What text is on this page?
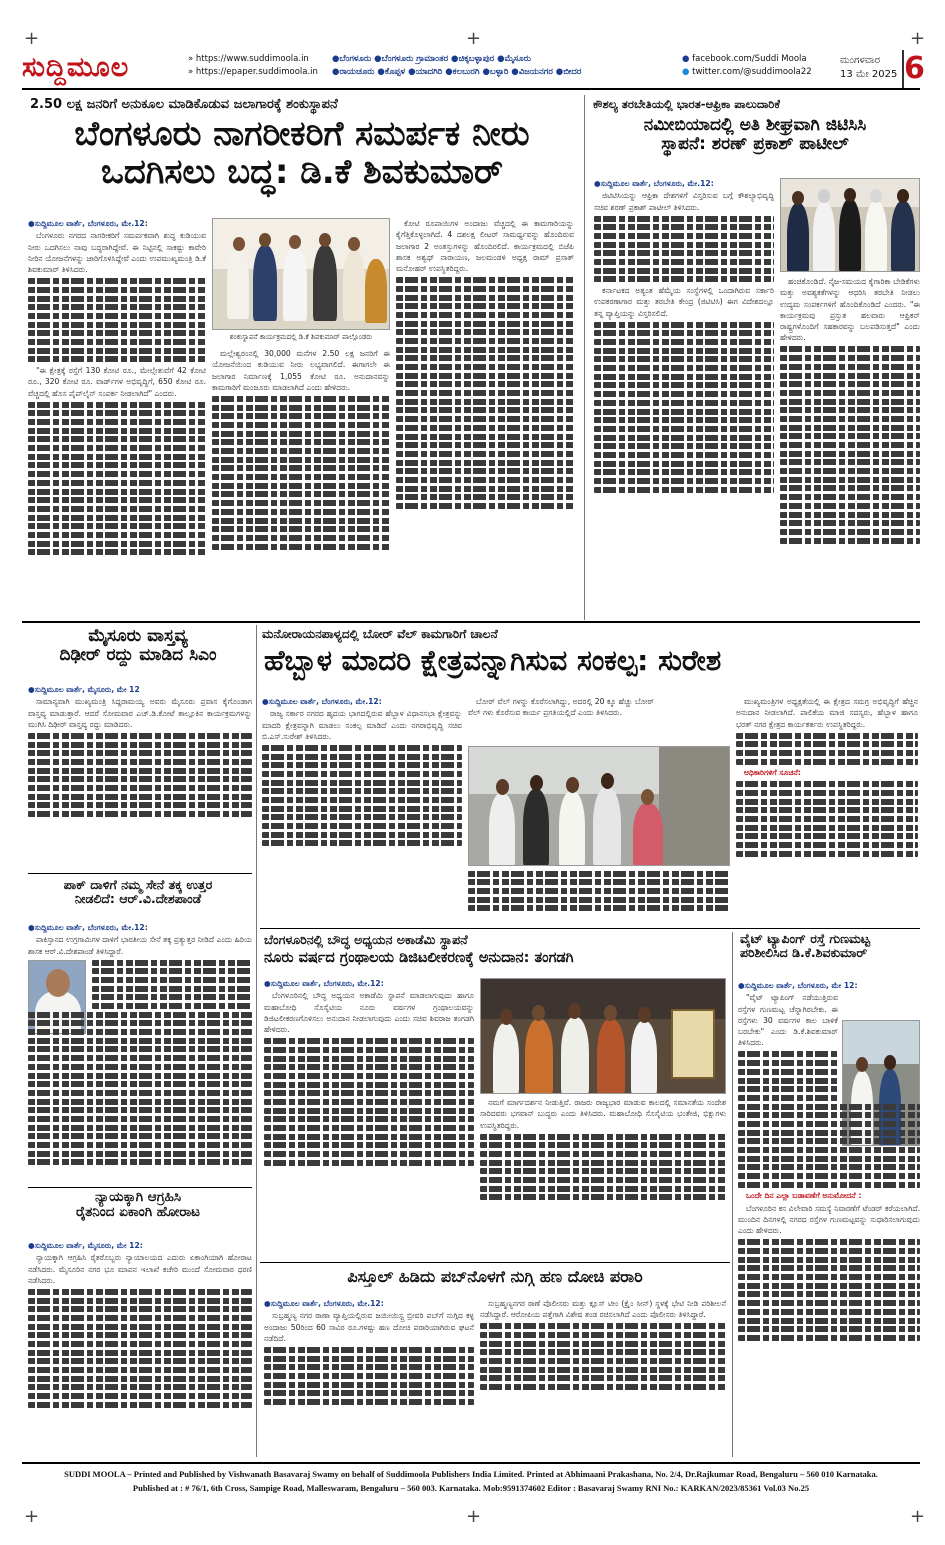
+	+	+
+	+	+
ಸುದ್ದಿಮೂಲ	» https://www.suddimoola.in
» https://epaper.suddimoola.in
●ಬೆಂಗಳೂರು ●ಬೆಂಗಳೂರು ಗ್ರಾಮಾಂತರ ●ಚಿಕ್ಕಬಳ್ಳಾಪುರ ●ಮೈಸೂರು
●ರಾಯಚೂರು ●ಕೊಪ್ಪಳ ●ಯಾದಗಿರಿ ●ಕಲಬುರಗಿ ●ಬಳ್ಳಾರಿ ●ವಿಜಯನಗರ ●ಬೀದರ
● facebook.com/Suddi Moola
● twitter.com/@suddimoola22
ಮಂಗಳವಾರ
13 ಮೇ 2025 6
2.50 ಲಕ್ಷ ಜನರಿಗೆ ಅನುಕೂಲ ಮಾಡಿಕೊಡುವ ಜಲಾಗಾರಕ್ಕೆ ಶಂಕುಸ್ಥಾಪನೆ
ಬೆಂಗಳೂರು ನಾಗರೀಕರಿಗೆ ಸಮರ್ಪಕ ನೀರು
ಒದಗಿಸಲು ಬದ್ಧ: ಡಿ.ಕೆ ಶಿವಕುಮಾರ್

●ಸುದ್ದಿಮೂಲ ವಾರ್ತೆ, ಬೆಂಗಳೂರು, ಮೇ.12:

ಬೆಂಗಳೂರು ನಗರದ ನಾಗರೀಕರಿಗೆ ಸಮರ್ಪಕವಾಗಿ ಶುದ್ಧ ಕುಡಿಯುವ ನೀರು ಒದಗಿಸಲು ನಾವು ಬದ್ಧರಾಗಿದ್ದೇವೆ. ಈ ನಿಟ್ಟಿನಲ್ಲಿ ಸಾಕಷ್ಟು ಕಾವೇರಿ ನೀರಿನ ಯೋಜನೆಗಳನ್ನು ಜಾರಿಗೊಳಿಸಿದ್ದೇವೆ ಎಂದು ಉಪಮುಖ್ಯಮಂತ್ರಿ ಡಿ.ಕೆ ಶಿವಕುಮಾರ್ ತಿಳಿಸಿದರು.

"ಈ ಕ್ಷೇತ್ರಕ್ಕೆ ರಸ್ತೆಗೆ 130 ಕೋಟಿ ರೂ., ಮೇಲ್ಸೇತುವೆಗೆ 42 ಕೋಟಿ ರೂ., 320 ಕೋಟಿ ರೂ. ವಾರ್ಡ್‌ಗಳ ಅಭಿವೃದ್ಧಿಗೆ, 650 ಕೋಟಿ ರೂ. ವೆಚ್ಚದಲ್ಲಿ ಹೊಸ ಪೈಪ್‌ಲೈನ್ ಸಂಪರ್ಕ ನೀಡಲಾಗಿದೆ" ಎಂದರು.

ಶಂಕುಸ್ಥಾಪನೆ ಕಾರ್ಯಕ್ರಮದಲ್ಲಿ ಡಿ.ಕೆ ಶಿವಕುಮಾರ್ ಪಾಲ್ಗೊಂಡರು

ಮಲ್ಲೇಶ್ವರಂನಲ್ಲಿ 30,000 ಮನೆಗಳ 2.50 ಲಕ್ಷ ಜನರಿಗೆ ಈ ಯೋಜನೆಯಿಂದ ಕುಡಿಯುವ ನೀರು ಲಭ್ಯವಾಗಲಿದೆ. ಈಗಾಗಲೇ ಈ ಜಲಾಗಾರ ನಿರ್ಮಾಣಕ್ಕೆ 1,055 ಕೋಟಿ ರೂ. ಅನುದಾನವನ್ನು ಕಾಮಗಾರಿಗೆ ಮಂಜೂರು ಮಾಡಲಾಗಿದೆ ಎಂದು ಹೇಳಿದರು.

ಕೋಟಿ ರೂಪಾಯಿಗಳ ಅಂದಾಜು ವೆಚ್ಚದಲ್ಲಿ ಈ ಕಾಮಗಾರಿಯನ್ನು ಕೈಗೆತ್ತಿಕೊಳ್ಳಲಾಗಿದೆ. 4 ದಶಲಕ್ಷ ಲೀಟರ್ ಸಾಮರ್ಥ್ಯವನ್ನು ಹೊಂದಿರುವ ಜಲಾಗಾರ 2 ಅಂತಸ್ತುಗಳನ್ನು ಹೊಂದಿರಲಿದೆ. ಕಾರ್ಯಕ್ರಮದಲ್ಲಿ ಬಿಜೆಪಿ ಶಾಸಕ ಅಶ್ವಥ್ ನಾರಾಯಣ, ಜಲಮಂಡಳಿ ಅಧ್ಯಕ್ಷ ರಾಮ್ ಪ್ರಸಾತ್ ಮನೋಹರ್ ಉಪಸ್ಥಿತರಿದ್ದರು.

ಕೌಶಲ್ಯ ತರಬೇತಿಯಲ್ಲಿ ಭಾರತ-ಆಫ್ರಿಕಾ ಪಾಲುದಾರಿಕೆ
ನಮೀಬಿಯಾದಲ್ಲಿ ಅತಿ ಶೀಘ್ರವಾಗಿ ಜಿಟಿಸಿಸಿ
ಸ್ಥಾಪನೆ: ಶರಣ್ ಪ್ರಕಾಶ್ ಪಾಟೀಲ್

●ಸುದ್ದಿಮೂಲ ವಾರ್ತೆ, ಬೆಂಗಳೂರು, ಮೇ.12:

ಜಿಟಿಟಿಸಿಯನ್ನು ಆಫ್ರಿಕಾ ದೇಶಗಳಿಗೆ ವಿಸ್ತರಿಸುವ ಬಗ್ಗೆ ಕೌಶಲ್ಯಾಭಿವೃದ್ಧಿ ಸಚಿವ ಶರಣ್ ಪ್ರಕಾಶ್ ಪಾಟೀಲ್ ತಿಳಿಸಿದರು.

ಕರ್ನಾಟಕದ ಅತ್ಯಂತ ಹೆಮ್ಮೆಯ ಸಂಸ್ಥೆಗಳಲ್ಲಿ ಒಂದಾಗಿರುವ ಸರ್ಕಾರಿ ಉಪಕರಣಾಗಾರ ಮತ್ತು ತರಬೇತಿ ಕೇಂದ್ರ (ಜಿಟಿಟಿಸಿ) ಈಗ ವಿದೇಶದಲ್ಲೂ ತನ್ನ ವ್ಯಾಪ್ತಿಯನ್ನು ವಿಸ್ತರಿಸಲಿದೆ.

ಹಂಚಿಕೊಂಡಿದೆ. ನೈಜ-ಸಮಯದ ಕೈಗಾರಿಕಾ ಬೇಡಿಕೆಗಳು ಮತ್ತು ಅವಶ್ಯಕತೆಗಳನ್ನು ಆಧರಿಸಿ ತರಬೇತಿ ನೀಡಲು ಉದ್ಯಮ ಸಂಪರ್ಕಗಳಿಗೆ ಹೊಂದಿಕೊಂಡಿದೆ ಎಂದರು. "ಈ ಕಾರ್ಯಕ್ರಮವು ಪ್ರಸ್ತುತ ಹಲವಾರು ಆಫ್ರಿಕನ್ ರಾಷ್ಟ್ರಗಳೊಂದಿಗೆ ಸಹಕಾರವನ್ನು ಬಲಪಡಿಸುತ್ತದೆ" ಎಂದು ಹೇಳಿದರು.

ಮೈಸೂರು ವಾಸ್ತವ್ಯ
ದಿಢೀರ್ ರದ್ದು ಮಾಡಿದ ಸಿಎಂ

●ಸುದ್ದಿಮೂಲ ವಾರ್ತೆ, ಮೈಸೂರು, ಮೇ 12

ಸಾಮಾನ್ಯವಾಗಿ ಮುಖ್ಯಮಂತ್ರಿ ಸಿದ್ದರಾಮಯ್ಯ ಅವರು ಮೈಸೂರು ಪ್ರವಾಸ ಕೈಗೊಂಡಾಗ ವಾಸ್ತವ್ಯ ಮಾಡುತ್ತಾರೆ. ಆದರೆ ಸೋಮವಾರ ಎಚ್.ಡಿ.ಕೋಟೆ ತಾಲ್ಲೂಕಿನ ಕಾರ್ಯಕ್ರಮಗಳನ್ನು ಮುಗಿಸಿ ದಿಢೀರ್ ವಾಸ್ತವ್ಯ ರದ್ದು ಮಾಡಿದರು.

ಪಾಕ್ ದಾಳಿಗೆ ನಮ್ಮ ಸೇನೆ ತಕ್ಕ ಉತ್ತರ
ನೀಡಲಿದೆ: ಆರ್.ವಿ.ದೇಶಪಾಂಡೆ

●ಸುದ್ದಿಮೂಲ ವಾರ್ತೆ, ಬೆಂಗಳೂರು, ಮೇ.12:

ಪಾಕಿಸ್ತಾನದ ಉಗ್ರಗಾಮಿಗಳ ದಾಳಿಗೆ ಭಾರತೀಯ ಸೇನೆ ತಕ್ಕ ಪ್ರತ್ಯುತ್ತರ ನೀಡಿದೆ ಎಂದು ಹಿರಿಯ ಶಾಸಕ ಆರ್.ವಿ.ದೇಶಪಾಂಡೆ ತಿಳಿಸಿದ್ದಾರೆ.

ನ್ಯಾಯಕ್ಕಾಗಿ ಆಗ್ರಹಿಸಿ
ರೈತನಿಂದ ಏಕಾಂಗಿ ಹೋರಾಟ

●ಸುದ್ದಿಮೂಲ ವಾರ್ತೆ, ಮೈಸೂರು, ಮೇ 12:

ನ್ಯಾಯಕ್ಕಾಗಿ ಆಗ್ರಹಿಸಿ ರೈತರೊಬ್ಬರು ನ್ಯಾಯಾಲಯದ ಎದುರು ಏಕಾಂಗಿಯಾಗಿ ಹೋರಾಟ ನಡೆಸಿದರು. ಮೈಸೂರಿನ ನಗರ ಭೂ ಮಾಪನ ಇಲಾಖೆ ಕಚೇರಿ ಮುಂದೆ ಸೋಮವಾರ ಧರಣಿ ನಡೆಸಿದರು.

ಮನೋರಾಯನಪಾಳ್ಯದಲ್ಲಿ ಬೋರ್ ವೆಲ್ ಕಾಮಗಾರಿಗೆ ಚಾಲನೆ
ಹೆಬ್ಬಾಳ ಮಾದರಿ ಕ್ಷೇತ್ರವನ್ನಾಗಿಸುವ ಸಂಕಲ್ಪ: ಸುರೇಶ

●ಸುದ್ದಿಮೂಲ ವಾರ್ತೆ, ಬೆಂಗಳೂರು, ಮೇ.12:

ರಾಜ್ಯ ಸರ್ಕಾರ ನಗರದ ಹೃದಯ ಭಾಗದಲ್ಲಿರುವ ಹೆಬ್ಬಾಳ ವಿಧಾನಸಭಾ ಕ್ಷೇತ್ರವನ್ನು ಮಾದರಿ ಕ್ಷೇತ್ರವನ್ನಾಗಿ ಮಾಡಲು ಸಂಕಲ್ಪ ಮಾಡಿದೆ ಎಂದು ನಗರಾಭಿವೃದ್ಧಿ ಸಚಿವ ಬಿ.ಎಸ್.ಸುರೇಶ್ ತಿಳಿಸಿದರು.

ಬೋರ್ ವೆಲ್ ಗಳನ್ನು ಕೊರೆಸಲಾಗಿದ್ದು, ಅದರಲ್ಲಿ 20 ಕ್ಕೂ ಹೆಚ್ಚು ಬೋರ್ ವೆಲ್ ಗಳು ಕೊರೆಸುವ ಕಾರ್ಯ ಪ್ರಗತಿಯಲ್ಲಿದೆ ಎಂದು ತಿಳಿಸಿದರು.

ಮುಖ್ಯಮಂತ್ರಿಗಳ ಅಧ್ಯಕ್ಷತೆಯಲ್ಲಿ ಈ ಕ್ಷೇತ್ರದ ಸಮಗ್ರ ಅಭಿವೃದ್ಧಿಗೆ ಹೆಚ್ಚಿನ ಅನುದಾನ ನೀಡಲಾಗಿದೆ. ಪಾಲಿಕೆಯ ಮಾಜಿ ಸದಸ್ಯರು, ಹೆಬ್ಬಾಳ ಹಾಗೂ ಭರತ್ ನಗರ ಕ್ಷೇತ್ರದ ಕಾರ್ಯಕರ್ತರು ಉಪಸ್ಥಿತರಿದ್ದರು.

ಅಧಿಕಾರಿಗಳಿಗೆ ಸೂಚನೆ:

ಬೆಂಗಳೂರಿನಲ್ಲಿ ಬೌದ್ಧ ಅಧ್ಯಯನ ಅಕಾಡೆಮಿ ಸ್ಥಾಪನೆ
ನೂರು ವರ್ಷದ ಗ್ರಂಥಾಲಯ ಡಿಜಿಟಲೀಕರಣಕ್ಕೆ ಅನುದಾನ: ತಂಗಡಗಿ

●ಸುದ್ದಿಮೂಲ ವಾರ್ತೆ, ಬೆಂಗಳೂರು, ಮೇ.12:

ಬೆಂಗಳೂರಿನಲ್ಲಿ ಬೌದ್ಧ ಅಧ್ಯಯನ ಅಕಾಡೆಮಿ ಸ್ಥಾಪನೆ ಮಾಡಲಾಗುವುದು ಹಾಗೂ ಮಹಾಬೋಧಿ ಸೊಸೈಟಿಯ ನೂರು ವರ್ಷಗಳ ಗ್ರಂಥಾಲಯವನ್ನು ಡಿಜಿಟಲೀಕರಣಗೊಳಿಸಲು ಅನುದಾನ ನೀಡಲಾಗುವುದು ಎಂದು ಸಚಿವ ಶಿವರಾಜ ತಂಗಡಗಿ ಹೇಳಿದರು.

ನಮಗೆ ಮಾರ್ಗದರ್ಶನ ನೀಡುತ್ತಿವೆ. ರಾಜರು ರಾಜ್ಯಭಾರ ಮಾಡುವ ಕಾಲದಲ್ಲಿ ಸಮಾನತೆಯ ಸಂದೇಶ ಸಾರಿದವರು ಭಗವಾನ್ ಬುದ್ಧರು ಎಂದು ತಿಳಿಸಿದರು. ಮಹಾಬೋಧಿ ಸೊಸೈಟಿಯ ಭಂತೇಜಿ, ಭಿಕ್ಷುಗಳು ಉಪಸ್ಥಿತರಿದ್ದರು.

ಪಿಸ್ತೂಲ್ ಹಿಡಿದು ಪಬ್‌ನೊಳಗೆ ನುಗ್ಗಿ ಹಣ ದೋಚಿ ಪರಾರಿ

●ಸುದ್ದಿಮೂಲ ವಾರ್ತೆ, ಬೆಂಗಳೂರು, ಮೇ.12:

ಸುಬ್ರಹ್ಮಣ್ಯ ನಗರ ಠಾಣಾ ವ್ಯಾಪ್ತಿಯಲ್ಲಿರುವ ಜಯೀಯಿಸ್ಟ್ರ ಬ್ರೀವರಿ ಪಬ್‌ಗೆ ನುಗ್ಗಿದ ಕಳ್ಳ ಅಂದಾಜು 50ರಿಂದ 60 ಸಾವಿರ ರೂ.ಗಳಷ್ಟು ಹಣ ದೋಚಿ ಪರಾರಿಯಾಗಿರುವ ಘಟನೆ ನಡೆದಿದೆ.

ಸುಬ್ರಹ್ಮಣ್ಯನಗರ ಠಾಣೆ ಪೊಲೀಸರು ಮತ್ತು ಕ್ಲೂಸ್ ಟೀಂ (ಕ್ರೈಂ ಸೀನ್) ಸ್ಥಳಕ್ಕೆ ಭೇಟಿ ನೀಡಿ ಪರಿಶೀಲನೆ ನಡೆಸಿದ್ದಾರೆ. ಆರೋಪಿಯ ಪತ್ತೆಗಾಗಿ ವಿಶೇಷ ತಂಡ ರಚಿಸಲಾಗಿದೆ ಎಂದು ಪೊಲೀಸರು ತಿಳಿಸಿದ್ದಾರೆ.

ವೈಟ್ ಟ್ಯಾಪಿಂಗ್ ರಸ್ತೆ ಗುಣಮಟ್ಟ
ಪರಿಶೀಲಿಸಿದ ಡಿ.ಕೆ.ಶಿವಕುಮಾರ್

●ಸುದ್ದಿಮೂಲ ವಾರ್ತೆ, ಬೆಂಗಳೂರು, ಮೇ 12:

"ವೈಟ್ ಟ್ಯಾಪಿಂಗ್ ನಡೆಯುತ್ತಿರುವ ರಸ್ತೆಗಳ ಗುಣಮಟ್ಟ ಚೆನ್ನಾಗಿರಬೇಕು. ಈ ರಸ್ತೆಗಳು 30 ವರ್ಷಗಳ ಕಾಲ ಬಾಳಿಕೆ ಬರಬೇಕು" ಎಂದು ಡಿ.ಕೆ.ಶಿವಕುಮಾರ್ ತಿಳಿಸಿದರು.

ಒಂದೇ ದಿನ ಎಲ್ಲಾ ಬಡಾವಣೆಗೆ ಅನುಮೋದನೆ :

ಬೆಂಗಳೂರಿನ ಕಸ ವಿಲೇವಾರಿ ಸಮಸ್ಯೆ ನಿವಾರಣೆಗೆ ಟೆಂಡರ್ ಕರೆಯಲಾಗಿದೆ. ಮುಂದಿನ ದಿನಗಳಲ್ಲಿ ನಗರದ ರಸ್ತೆಗಳ ಗುಣಮಟ್ಟವನ್ನು ಸುಧಾರಿಸಲಾಗುವುದು ಎಂದು ಹೇಳಿದರು.

SUDDI MOOLA – Printed and Published by Vishwanath Basavaraj Swamy on behalf of Suddimoola Publishers India Limited. Printed at Abhimaani Prakashana, No. 2/4, Dr.Rajkumar Road, Bengaluru – 560 010 Karnataka.
Published at : # 76/1, 6th Cross, Sampige Road, Malleswaram, Bengaluru – 560 003. Karnataka. Mob:9591374602 Editor : Basavaraj Swamy RNI No.: KARKAN/2023/85361 Vol.03 No.25
